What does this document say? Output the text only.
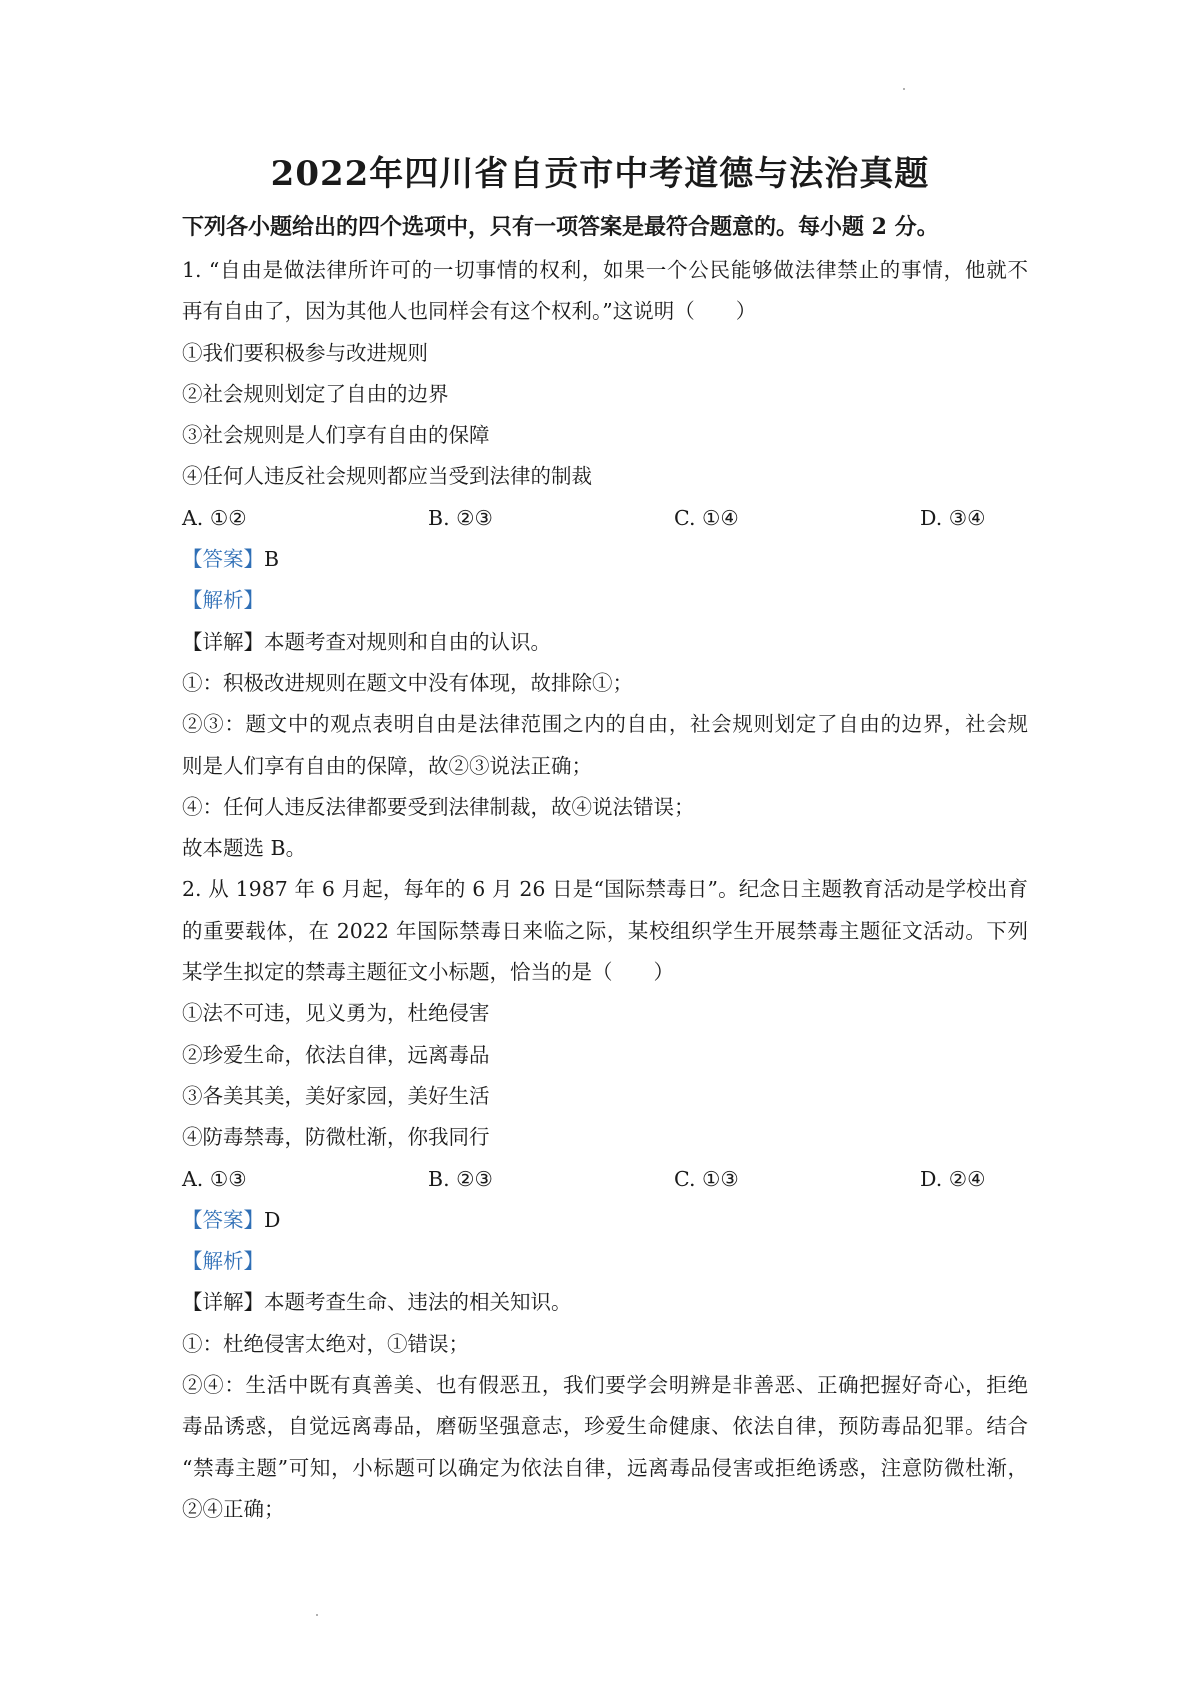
2022年四川省自贡市中考道德与法治真题
下列各小题给出的四个选项中，只有一项答案是最符合题意的。每小题 2 分。
1. “自由是做法律所许可的一切事情的权利，如果一个公民能够做法律禁止的事情，他就不
再有自由了，因为其他人也同样会有这个权利。”这说明（　　）
①我们要积极参与改进规则
②社会规则划定了自由的边界
③社会规则是人们享有自由的保障
④任何人违反社会规则都应当受到法律的制裁
A. ①②	B. ②③	C. ①④	D. ③④
【答案】B
【解析】
【详解】本题考查对规则和自由的认识。
①：积极改进规则在题文中没有体现，故排除①；
②③：题文中的观点表明自由是法律范围之内的自由，社会规则划定了自由的边界，社会规
则是人们享有自由的保障，故②③说法正确；
④：任何人违反法律都要受到法律制裁，故④说法错误；
故本题选 B。
2. 从 1987 年 6 月起，每年的 6 月 26 日是“国际禁毒日”。纪念日主题教育活动是学校出育
的重要载体，在 2022 年国际禁毒日来临之际，某校组织学生开展禁毒主题征文活动。下列
某学生拟定的禁毒主题征文小标题，恰当的是（　　）
①法不可违，见义勇为，杜绝侵害
②珍爱生命，依法自律，远离毒品
③各美其美，美好家园，美好生活
④防毒禁毒，防微杜渐，你我同行
A. ①③	B. ②③	C. ①③	D. ②④
【答案】D
【解析】
【详解】本题考查生命、违法的相关知识。
①：杜绝侵害太绝对，①错误；
②④：生活中既有真善美、也有假恶丑，我们要学会明辨是非善恶、正确把握好奇心，拒绝
毒品诱惑，自觉远离毒品，磨砺坚强意志，珍爱生命健康、依法自律，预防毒品犯罪。结合
“禁毒主题”可知，小标题可以确定为依法自律，远离毒品侵害或拒绝诱惑，注意防微杜渐，
②④正确；
